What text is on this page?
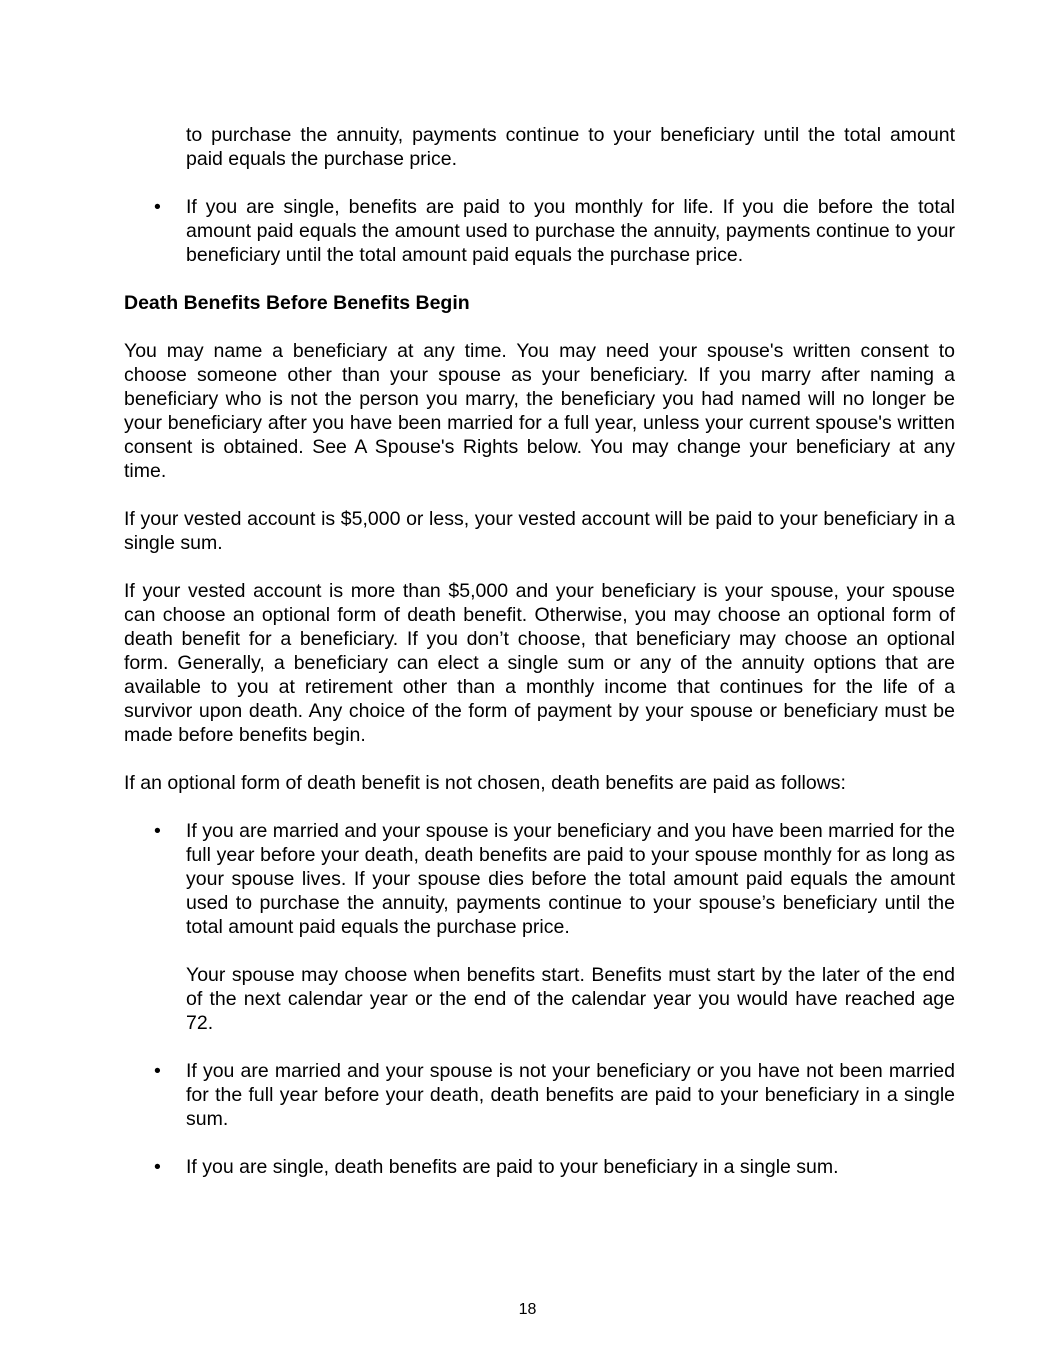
to purchase the annuity, payments continue to your beneficiary until the total amount paid equals the purchase price.

• If you are single, benefits are paid to you monthly for life. If you die before the total amount paid equals the amount used to purchase the annuity, payments continue to your beneficiary until the total amount paid equals the purchase price.

Death Benefits Before Benefits Begin

You may name a beneficiary at any time. You may need your spouse's written consent to choose someone other than your spouse as your beneficiary. If you marry after naming a beneficiary who is not the person you marry, the beneficiary you had named will no longer be your beneficiary after you have been married for a full year, unless your current spouse's written consent is obtained. See A Spouse's Rights below. You may change your beneficiary at any time.

If your vested account is $5,000 or less, your vested account will be paid to your beneficiary in a single sum.

If your vested account is more than $5,000 and your beneficiary is your spouse, your spouse can choose an optional form of death benefit. Otherwise, you may choose an optional form of death benefit for a beneficiary. If you don’t choose, that beneficiary may choose an optional form. Generally, a beneficiary can elect a single sum or any of the annuity options that are available to you at retirement other than a monthly income that continues for the life of a survivor upon death. Any choice of the form of payment by your spouse or beneficiary must be made before benefits begin.

If an optional form of death benefit is not chosen, death benefits are paid as follows:

• If you are married and your spouse is your beneficiary and you have been married for the full year before your death, death benefits are paid to your spouse monthly for as long as your spouse lives. If your spouse dies before the total amount paid equals the amount used to purchase the annuity, payments continue to your spouse’s beneficiary until the total amount paid equals the purchase price.

Your spouse may choose when benefits start. Benefits must start by the later of the end of the next calendar year or the end of the calendar year you would have reached age 72.

• If you are married and your spouse is not your beneficiary or you have not been married for the full year before your death, death benefits are paid to your beneficiary in a single sum.
• If you are single, death benefits are paid to your beneficiary in a single sum.
18
